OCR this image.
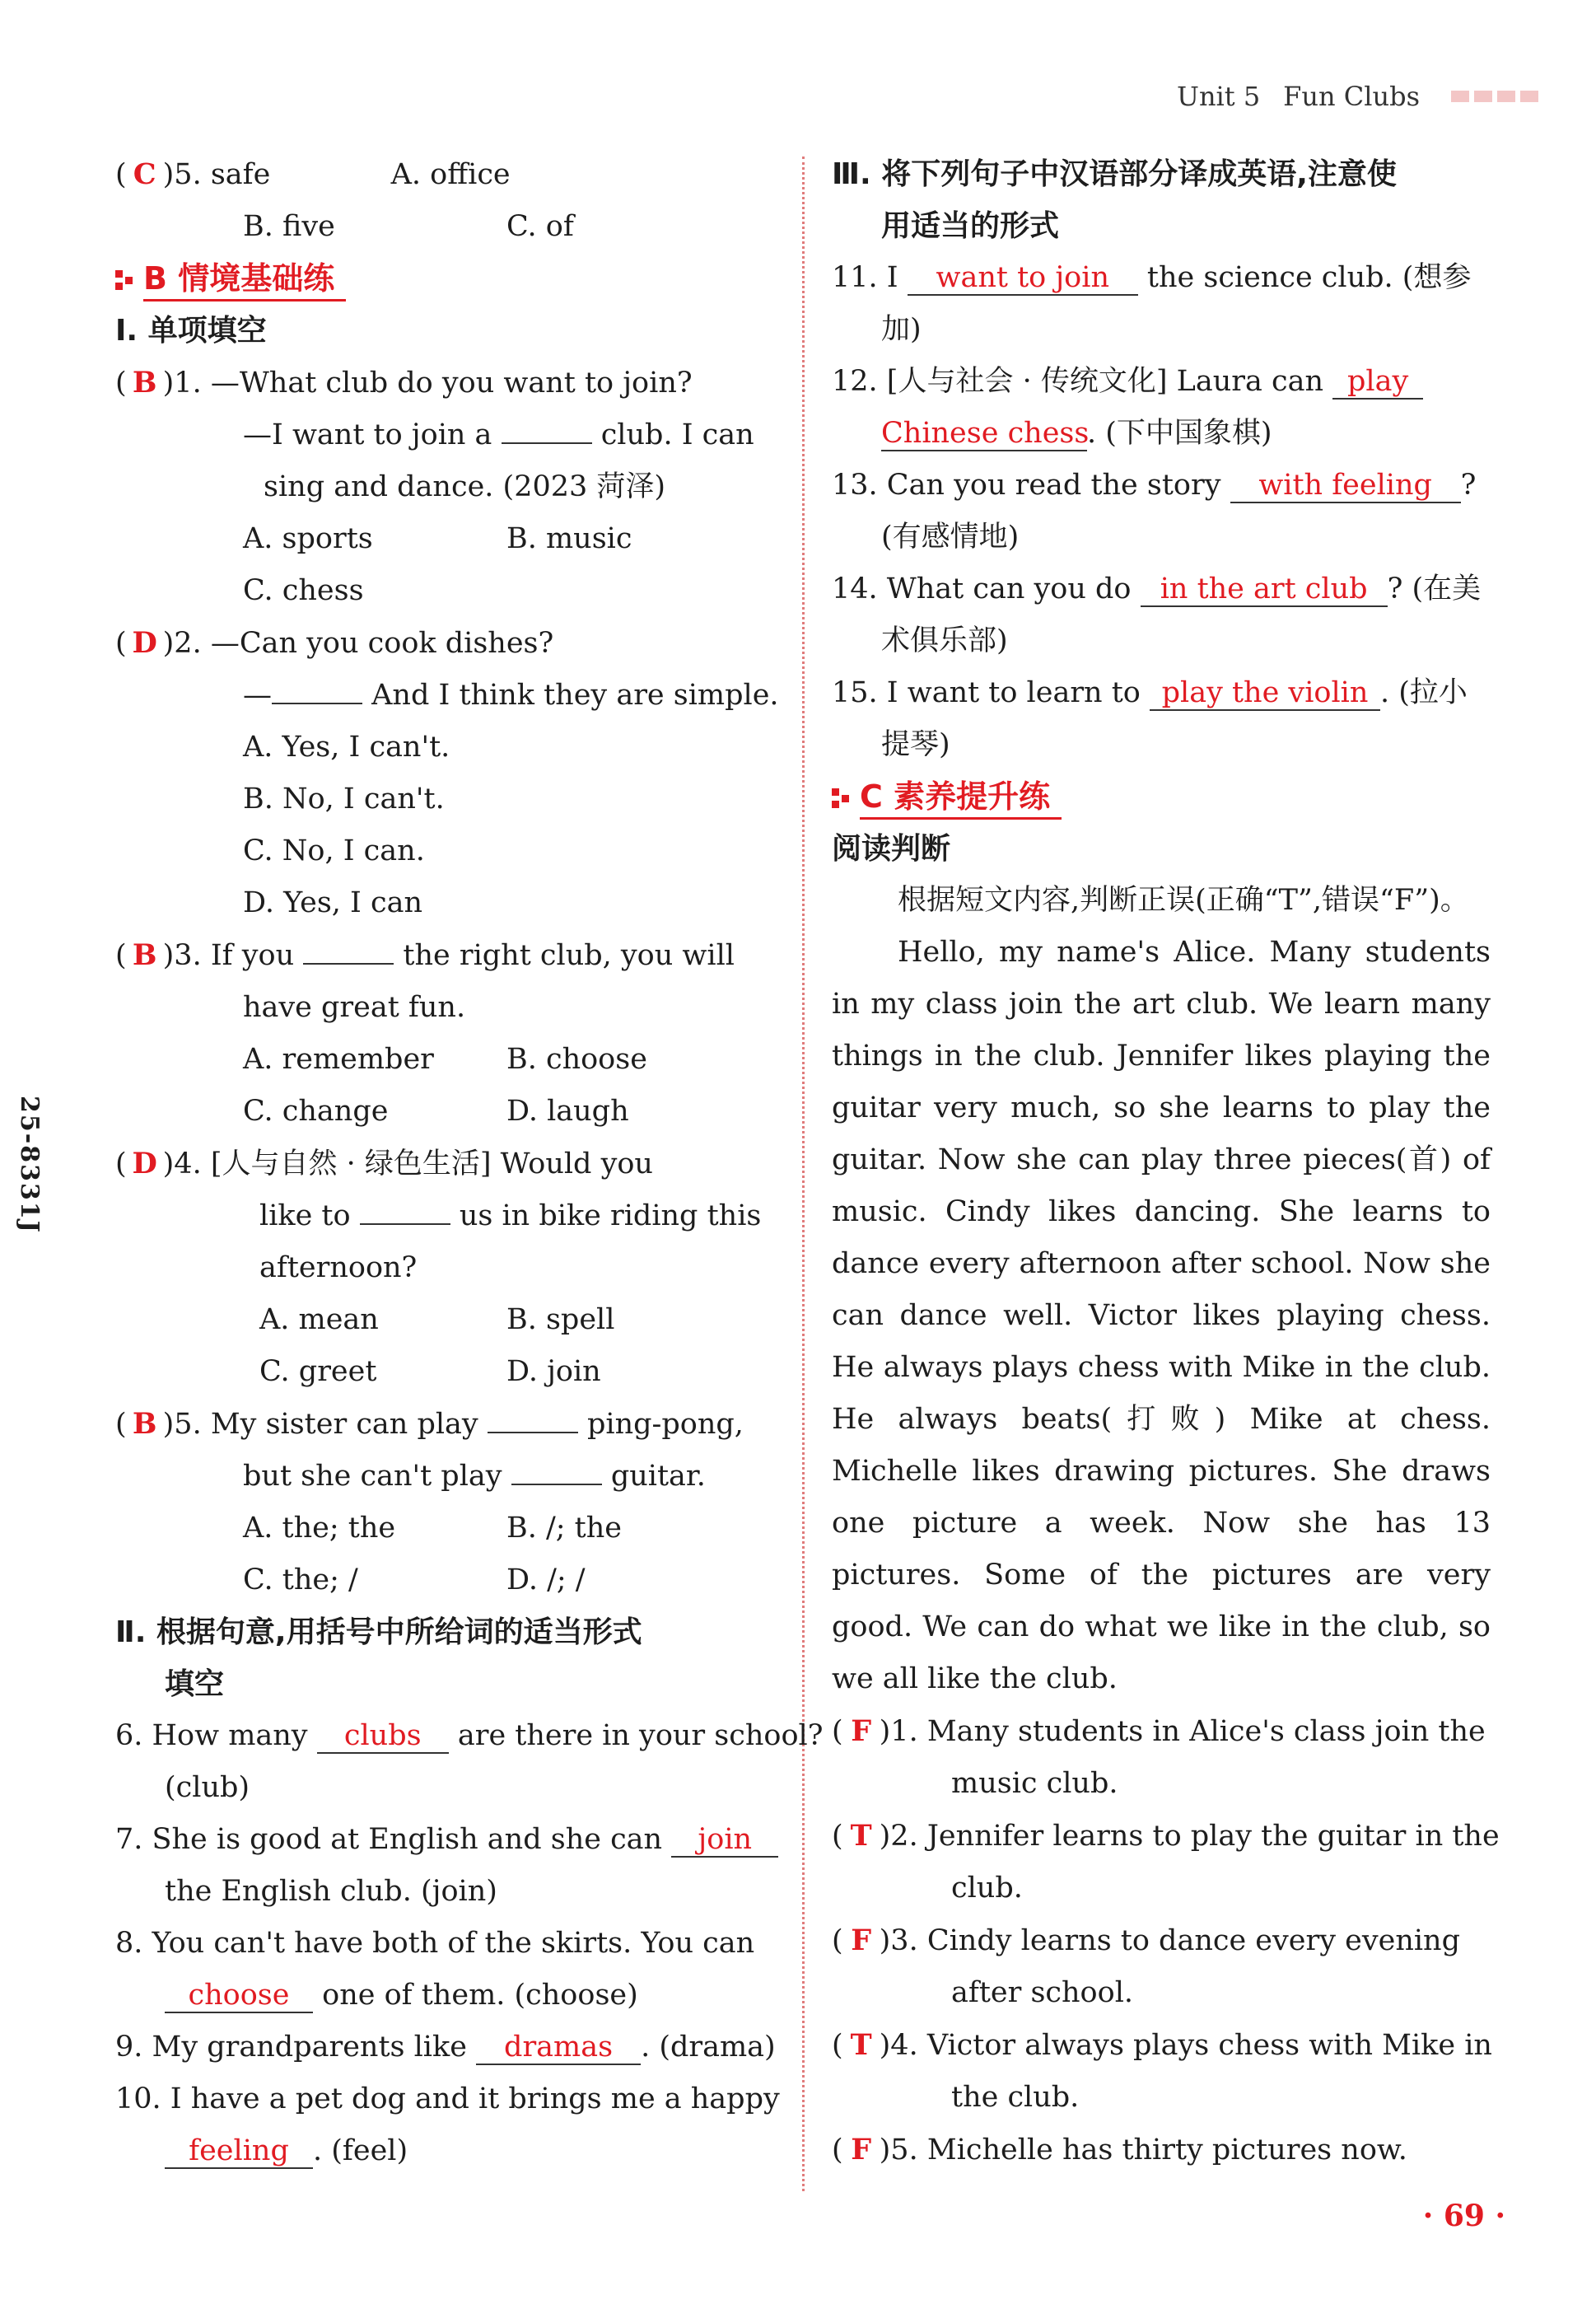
Unit 5 Fun Clubs
25-8331J
( C )5. safe	A. office
B. five	C. of
B 情境基础练
Ⅰ. 单项填空
( B )1. —What club do you want to join?
—I want to join a	club. I can
sing and dance. (2023 菏泽)
A. sports	B. music
C. chess
( D )2. —Can you cook dishes?
—	And I think they are simple.
A. Yes, I can't.
B. No, I can't.
C. No, I can.
D. Yes, I can
( B )3. If you	the right club, you will
have great fun.
A. remember	B. choose
C. change	D. laugh
( D )4. [人与自然 · 绿色生活] Would you
like to	us in bike riding this
afternoon?
A. mean	B. spell
C. greet	D. join
( B )5. My sister can play	ping-pong,
but she can't play	guitar.
A. the; the	B. /; the
C. the; /	D. /; /
Ⅱ. 根据句意,用括号中所给词的适当形式
填空
6. How many clubs are there in your school?
(club)
7. She is good at English and she can join
the English club. (join)
8. You can't have both of the skirts. You can
choose one of them. (choose)
9. My grandparents like dramas . (drama)
10. I have a pet dog and it brings me a happy
feeling . (feel)
Ⅲ. 将下列句子中汉语部分译成英语,注意使
用适当的形式
11. I want to join the science club. (想参
加)
12. [人与社会 · 传统文化] Laura can play
Chinese chess. (下中国象棋)
13. Can you read the story with feeling ?
(有感情地)
14. What can you do in the art club ? (在美
术俱乐部)
15. I want to learn to play the violin . (拉小
提琴)
C 素养提升练
阅读判断
根据短文内容,判断正误(正确“T”,错误“F”)。
Hello, my name's Alice. Many students in my class join the art club. We learn many things in the club. Jennifer likes playing the guitar very much, so she learns to play the guitar. Now she can play three pieces(首) of music. Cindy likes dancing. She learns to dance every afternoon after school. Now she can dance well. Victor likes playing chess. He always plays chess with Mike in the club. He always beats(打败) Mike at chess. Michelle likes drawing pictures. She draws one picture a week. Now she has 13 pictures. Some of the pictures are very good. We can do what we like in the club, so we all like the club.
( F )1. Many students in Alice's class join the
music club.
( T )2. Jennifer learns to play the guitar in the
club.
( F )3. Cindy learns to dance every evening
after school.
( T )4. Victor always plays chess with Mike in
the club.
( F )5. Michelle has thirty pictures now.
· 69 ·
